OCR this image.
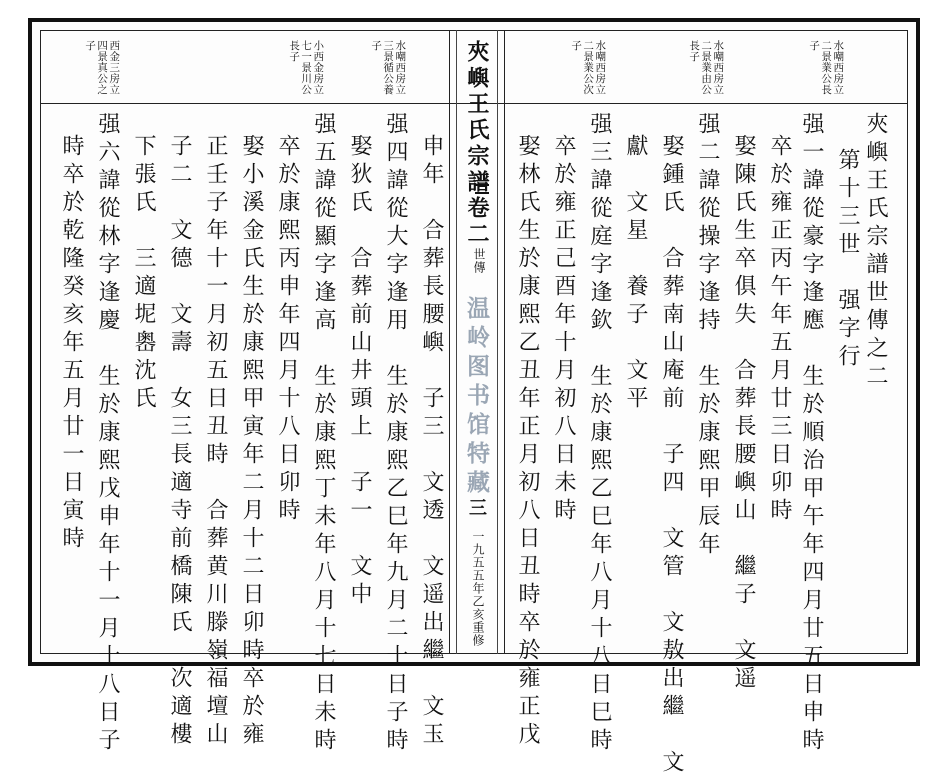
夾嶼王氏宗譜
卷二
世傳
温岭图书馆特藏
三
一九五五年乙亥重修
水嘲西房立二景業公長子
水嘲西房立二景業由公長子
水嘲西房立二景業公次子
夾嶼王氏宗譜世傳之二
第十三世　强字行
强一諱從豪字逢應　生於順治甲午年四月廿五日申時
卒於雍正丙午年五月廿三日卯時
娶陳氏生卒俱失　合葬長腰嶼山　繼子　文遥
强二諱從操字逢持　生於康熙甲辰年
娶鍾氏　合葬南山庵前　子四　文管　文敖出繼　文
獻　文星　養子　文平
强三諱從庭字逢欽　生於康熙乙巳年八月十八日巳時
卒於雍正己酉年十月初八日未時
娶林氏生於康熙乙丑年正月初八日丑時卒於雍正戊
水嘲西房立三景循公養子
小西金房立七一景川公長子
西金三房立四景真公之子
申年　合葬長腰嶼　子三　文透　文遥出繼　文玉
强四諱從大字逢用　生於康熙乙巳年九月二十日子時
娶狄氏　合葬前山井頭上　子一　文中
强五諱從顯字逢高　生於康熙丁未年八月十七日未時
卒於康熙丙申年四月十八日卯時
娶小溪金氏生於康熙甲寅年二月十二日卯時卒於雍
正壬子年十一月初五日丑時　合葬黄川滕嶺福壇山
子二　文德　文壽　女三長適寺前橋陳氏　次適樓
下張氏　三適坭嶴沈氏
强六諱從林字逢慶　生於康熙戊申年十一月十八日子
時卒於乾隆癸亥年五月廿一日寅時
